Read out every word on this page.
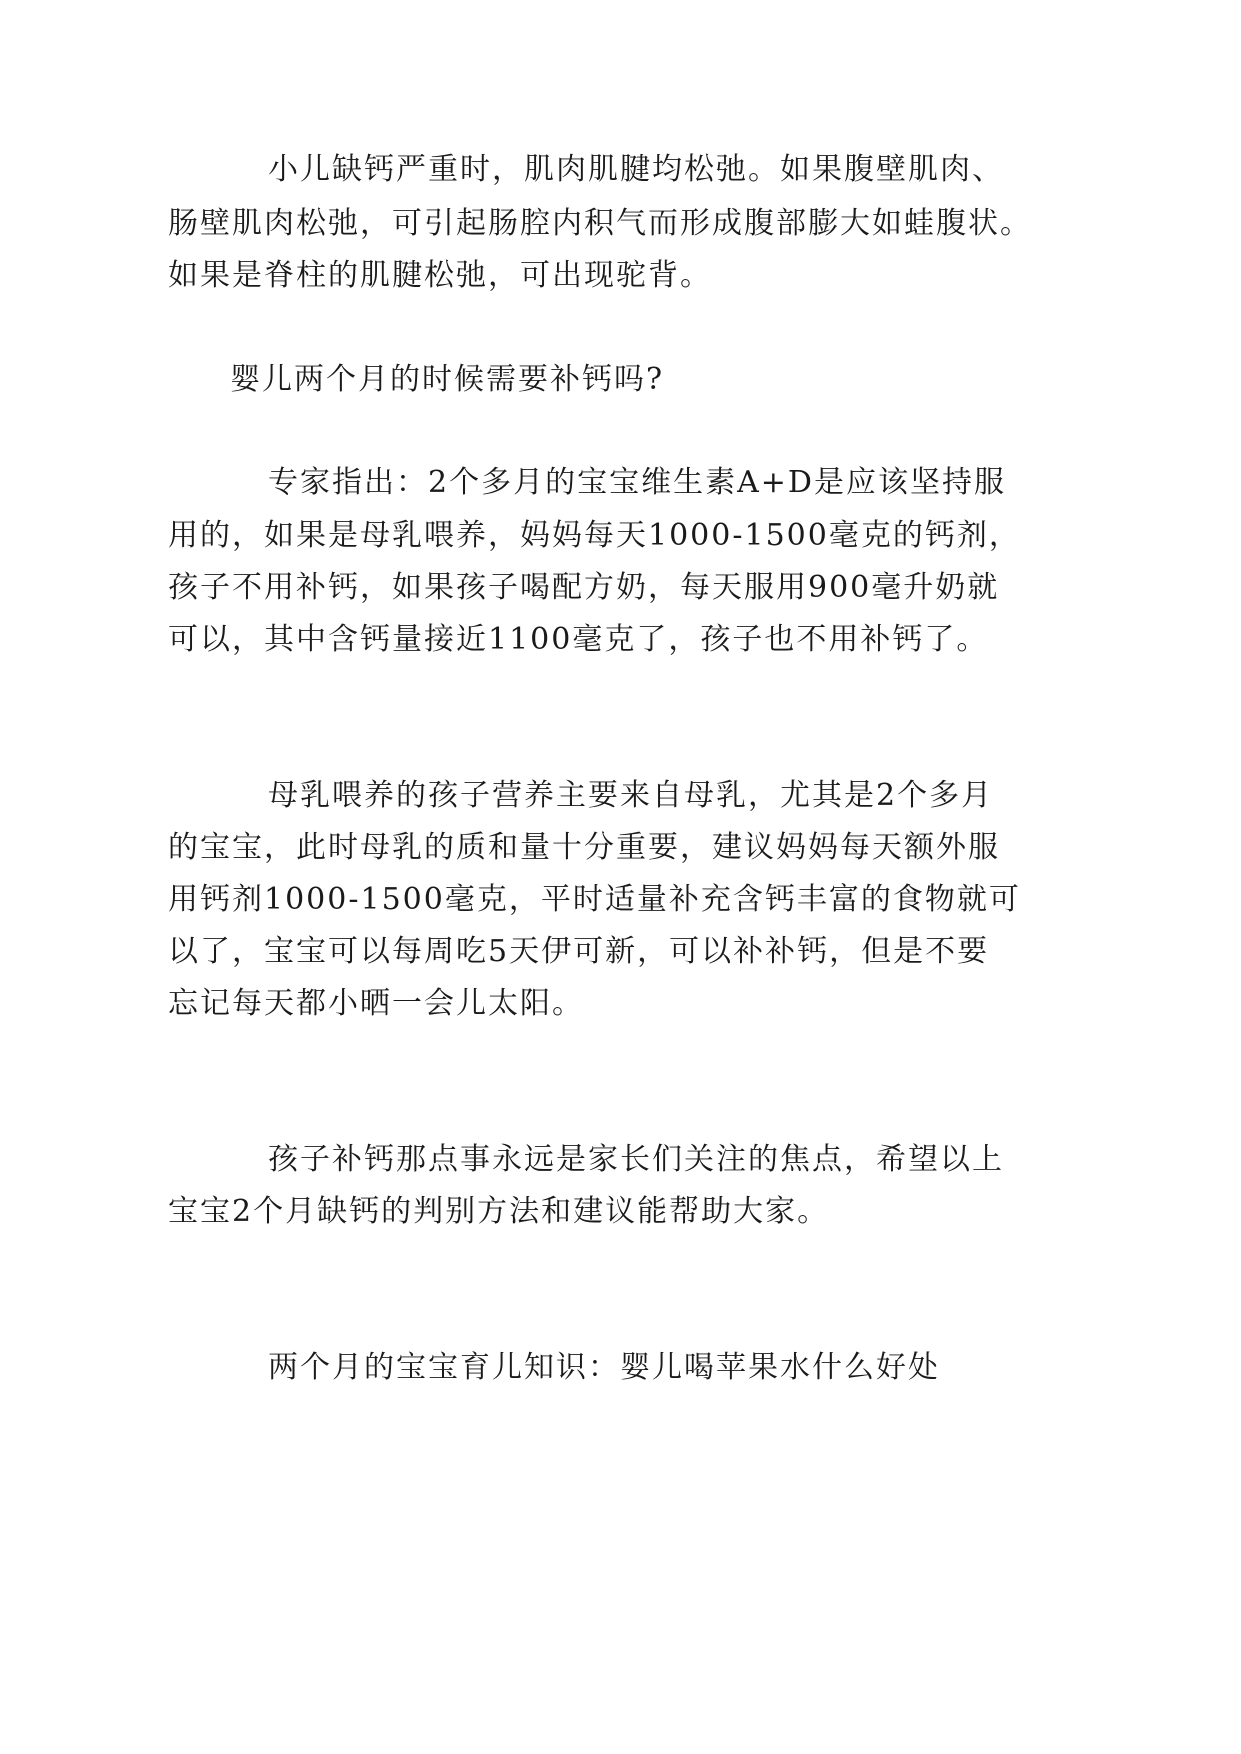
小儿缺钙严重时，肌肉肌腱均松弛。如果腹壁肌肉、
肠壁肌肉松弛，可引起肠腔内积气而形成腹部膨大如蛙腹状。
如果是脊柱的肌腱松弛，可出现驼背。
婴儿两个月的时候需要补钙吗?
专家指出：2个多月的宝宝维生素A+D是应该坚持服
用的，如果是母乳喂养，妈妈每天1000-1500毫克的钙剂，
孩子不用补钙，如果孩子喝配方奶，每天服用900毫升奶就
可以，其中含钙量接近1100毫克了，孩子也不用补钙了。
母乳喂养的孩子营养主要来自母乳，尤其是2个多月
的宝宝，此时母乳的质和量十分重要，建议妈妈每天额外服
用钙剂1000-1500毫克，平时适量补充含钙丰富的食物就可
以了，宝宝可以每周吃5天伊可新，可以补补钙，但是不要
忘记每天都小晒一会儿太阳。
孩子补钙那点事永远是家长们关注的焦点，希望以上
宝宝2个月缺钙的判别方法和建议能帮助大家。
两个月的宝宝育儿知识：婴儿喝苹果水什么好处
